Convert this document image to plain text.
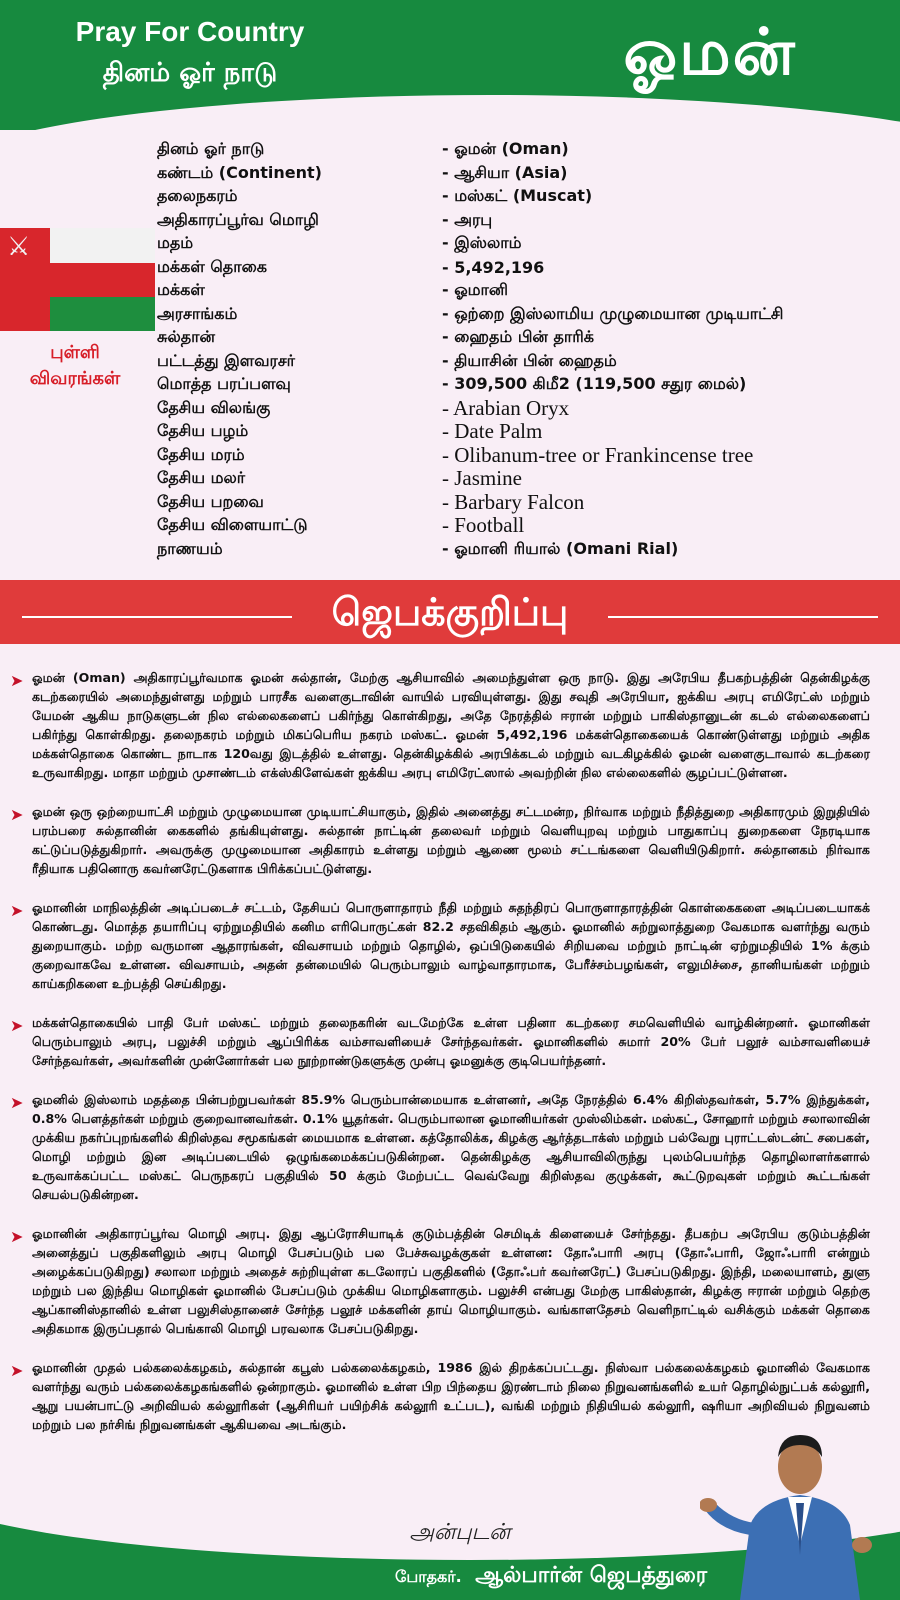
Pray For Country
தினம் ஓர் நாடு	ஓமன்
⚔
புள்ளி
விவரங்கள்
தினம் ஓர் நாடு	- ஓமன் (Oman)
கண்டம் (Continent)	- ஆசியா (Asia)
தலைநகரம்	- மஸ்கட் (Muscat)
அதிகாரப்பூர்வ மொழி	- அரபு
மதம்	- இஸ்லாம்
மக்கள் தொகை	- 5,492,196
மக்கள்	- ஓமானி
அரசாங்கம்	- ஒற்றை இஸ்லாமிய முழுமையான முடியாட்சி
சுல்தான்	- ஹைதம் பின் தாரிக்
பட்டத்து இளவரசர்	- தியாசின் பின் ஹைதம்
மொத்த பரப்பளவு	- 309,500 கிமீ2 (119,500 சதுர மைல்)
தேசிய விலங்கு	- Arabian Oryx
தேசிய பழம்	- Date Palm
தேசிய மரம்	- Olibanum-tree or Frankincense tree
தேசிய மலர்	- Jasmine
தேசிய பறவை	- Barbary Falcon
தேசிய விளையாட்டு	- Football
நாணயம்	- ஓமானி ரியால் (Omani Rial)
ஜெபக்குறிப்பு
➤ ஓமன் (Oman) அதிகாரப்பூர்வமாக ஓமன் சுல்தான், மேற்கு ஆசியாவில் அமைந்துள்ள ஒரு நாடு. இது அரேபிய தீபகற்பத்தின் தென்கிழக்கு கடற்கரையில் அமைந்துள்ளது மற்றும் பாரசீக வளைகுடாவின் வாயில் பரவியுள்ளது. இது சவுதி அரேபியா, ஐக்கிய அரபு எமிரேட்ஸ் மற்றும் யேமன் ஆகிய நாடுகளுடன் நில எல்லைகளைப் பகிர்ந்து கொள்கிறது, அதே நேரத்தில் ஈரான் மற்றும் பாகிஸ்தானுடன் கடல் எல்லைகளைப் பகிர்ந்து கொள்கிறது. தலைநகரம் மற்றும் மிகப்பெரிய நகரம் மஸ்கட். ஓமன் 5,492,196 மக்கள்தொகையைக் கொண்டுள்ளது மற்றும் அதிக மக்கள்தொகை கொண்ட நாடாக 120வது இடத்தில் உள்ளது. தென்கிழக்கில் அரபிக்கடல் மற்றும் வடகிழக்கில் ஓமன் வளைகுடாவால் கடற்கரை உருவாகிறது. மாதா மற்றும் முசாண்டம் எக்ஸ்கிளேவ்கள் ஐக்கிய அரபு எமிரேட்ஸால் அவற்றின் நில எல்லைகளில் சூழப்பட்டுள்ளன.
➤ ஓமன் ஒரு ஒற்றையாட்சி மற்றும் முழுமையான முடியாட்சியாகும், இதில் அனைத்து சட்டமன்ற, நிர்வாக மற்றும் நீதித்துறை அதிகாரமும் இறுதியில் பரம்பரை சுல்தானின் கைகளில் தங்கியுள்ளது. சுல்தான் நாட்டின் தலைவர் மற்றும் வெளியுறவு மற்றும் பாதுகாப்பு துறைகளை நேரடியாக கட்டுப்படுத்துகிறார். அவருக்கு முழுமையான அதிகாரம் உள்ளது மற்றும் ஆணை மூலம் சட்டங்களை வெளியிடுகிறார். சுல்தானகம் நிர்வாக ரீதியாக பதினொரு கவர்னரேட்டுகளாக பிரிக்கப்பட்டுள்ளது.
➤ ஓமானின் மாநிலத்தின் அடிப்படைச் சட்டம், தேசியப் பொருளாதாரம் நீதி மற்றும் சுதந்திரப் பொருளாதாரத்தின் கொள்கைகளை அடிப்படையாகக் கொண்டது. மொத்த தயாரிப்பு ஏற்றுமதியில் கனிம எரிபொருட்கள் 82.2 சதவிகிதம் ஆகும். ஓமானில் சுற்றுலாத்துறை வேகமாக வளர்ந்து வரும் துறையாகும். மற்ற வருமான ஆதாரங்கள், விவசாயம் மற்றும் தொழில், ஒப்பிடுகையில் சிறியவை மற்றும் நாட்டின் ஏற்றுமதியில் 1% க்கும் குறைவாகவே உள்ளன. விவசாயம், அதன் தன்மையில் பெரும்பாலும் வாழ்வாதாரமாக, பேரீச்சம்பழங்கள், எலுமிச்சை, தானியங்கள் மற்றும் காய்கறிகளை உற்பத்தி செய்கிறது.
➤ மக்கள்தொகையில் பாதி பேர் மஸ்கட் மற்றும் தலைநகரின் வடமேற்கே உள்ள பதினா கடற்கரை சமவெளியில் வாழ்கின்றனர். ஓமானிகள் பெரும்பாலும் அரபு, பலுச்சி மற்றும் ஆப்பிரிக்க வம்சாவளியைச் சேர்ந்தவர்கள். ஓமானிகளில் சுமார் 20% பேர் பலூச் வம்சாவளியைச் சேர்ந்தவர்கள், அவர்களின் முன்னோர்கள் பல நூற்றாண்டுகளுக்கு முன்பு ஓமனுக்கு குடிபெயர்ந்தனர்.
➤ ஓமனில் இஸ்லாம் மதத்தை பின்பற்றுபவர்கள் 85.9% பெரும்பான்மையாக உள்ளனர், அதே நேரத்தில் 6.4% கிறிஸ்தவர்கள், 5.7% இந்துக்கள், 0.8% பௌத்தர்கள் மற்றும் குறைவானவர்கள். 0.1% யூதர்கள். பெரும்பாலான ஓமானியர்கள் முஸ்லிம்கள். மஸ்கட், சோஹார் மற்றும் சலாலாவின் முக்கிய நகர்ப்புறங்களில் கிறிஸ்தவ சமூகங்கள் மையமாக உள்ளன. கத்தோலிக்க, கிழக்கு ஆர்த்தடாக்ஸ் மற்றும் பல்வேறு புராட்டஸ்டன்ட் சபைகள், மொழி மற்றும் இன அடிப்படையில் ஒழுங்கமைக்கப்படுகின்றன. தென்கிழக்கு ஆசியாவிலிருந்து புலம்பெயர்ந்த தொழிலாளர்களால் உருவாக்கப்பட்ட மஸ்கட் பெருநகரப் பகுதியில் 50 க்கும் மேற்பட்ட வெவ்வேறு கிறிஸ்தவ குழுக்கள், கூட்டுறவுகள் மற்றும் கூட்டங்கள் செயல்படுகின்றன.
➤ ஓமானின் அதிகாரப்பூர்வ மொழி அரபு. இது ஆப்ரோசியாடிக் குடும்பத்தின் செமிடிக் கிளையைச் சேர்ந்தது. தீபகற்ப அரேபிய குடும்பத்தின் அனைத்துப் பகுதிகளிலும் அரபு மொழி பேசப்படும் பல பேச்சுவழக்குகள் உள்ளன: தோஃபாரி அரபு (தோஃபாரி, ஜோஃபாரி என்றும் அழைக்கப்படுகிறது) சலாலா மற்றும் அதைச் சுற்றியுள்ள கடலோரப் பகுதிகளில் (தோஃபர் கவர்னரேட்) பேசப்படுகிறது. இந்தி, மலையாளம், துளு மற்றும் பல இந்திய மொழிகள் ஓமானில் பேசப்படும் முக்கிய மொழிகளாகும். பலுச்சி என்பது மேற்கு பாகிஸ்தான், கிழக்கு ஈரான் மற்றும் தெற்கு ஆப்கானிஸ்தானில் உள்ள பலுசிஸ்தானைச் சேர்ந்த பலூச் மக்களின் தாய் மொழியாகும். வங்காளதேசம் வெளிநாட்டில் வசிக்கும் மக்கள் தொகை அதிகமாக இருப்பதால் பெங்காலி மொழி பரவலாக பேசப்படுகிறது.
➤ ஓமானின் முதல் பல்கலைக்கழகம், சுல்தான் கபூஸ் பல்கலைக்கழகம், 1986 இல் திறக்கப்பட்டது. நிஸ்வா பல்கலைக்கழகம் ஓமானில் வேகமாக வளர்ந்து வரும் பல்கலைக்கழகங்களில் ஒன்றாகும். ஓமானில் உள்ள பிற பிந்தைய இரண்டாம் நிலை நிறுவனங்களில் உயர் தொழில்நுட்பக் கல்லூரி, ஆறு பயன்பாட்டு அறிவியல் கல்லூரிகள் (ஆசிரியர் பயிற்சிக் கல்லூரி உட்பட), வங்கி மற்றும் நிதியியல் கல்லூரி, ஷரியா அறிவியல் நிறுவனம் மற்றும் பல நர்சிங் நிறுவனங்கள் ஆகியவை அடங்கும்.
அன்புடன்
போதகர். ஆல்பார்ன் ஜெபத்துரை
